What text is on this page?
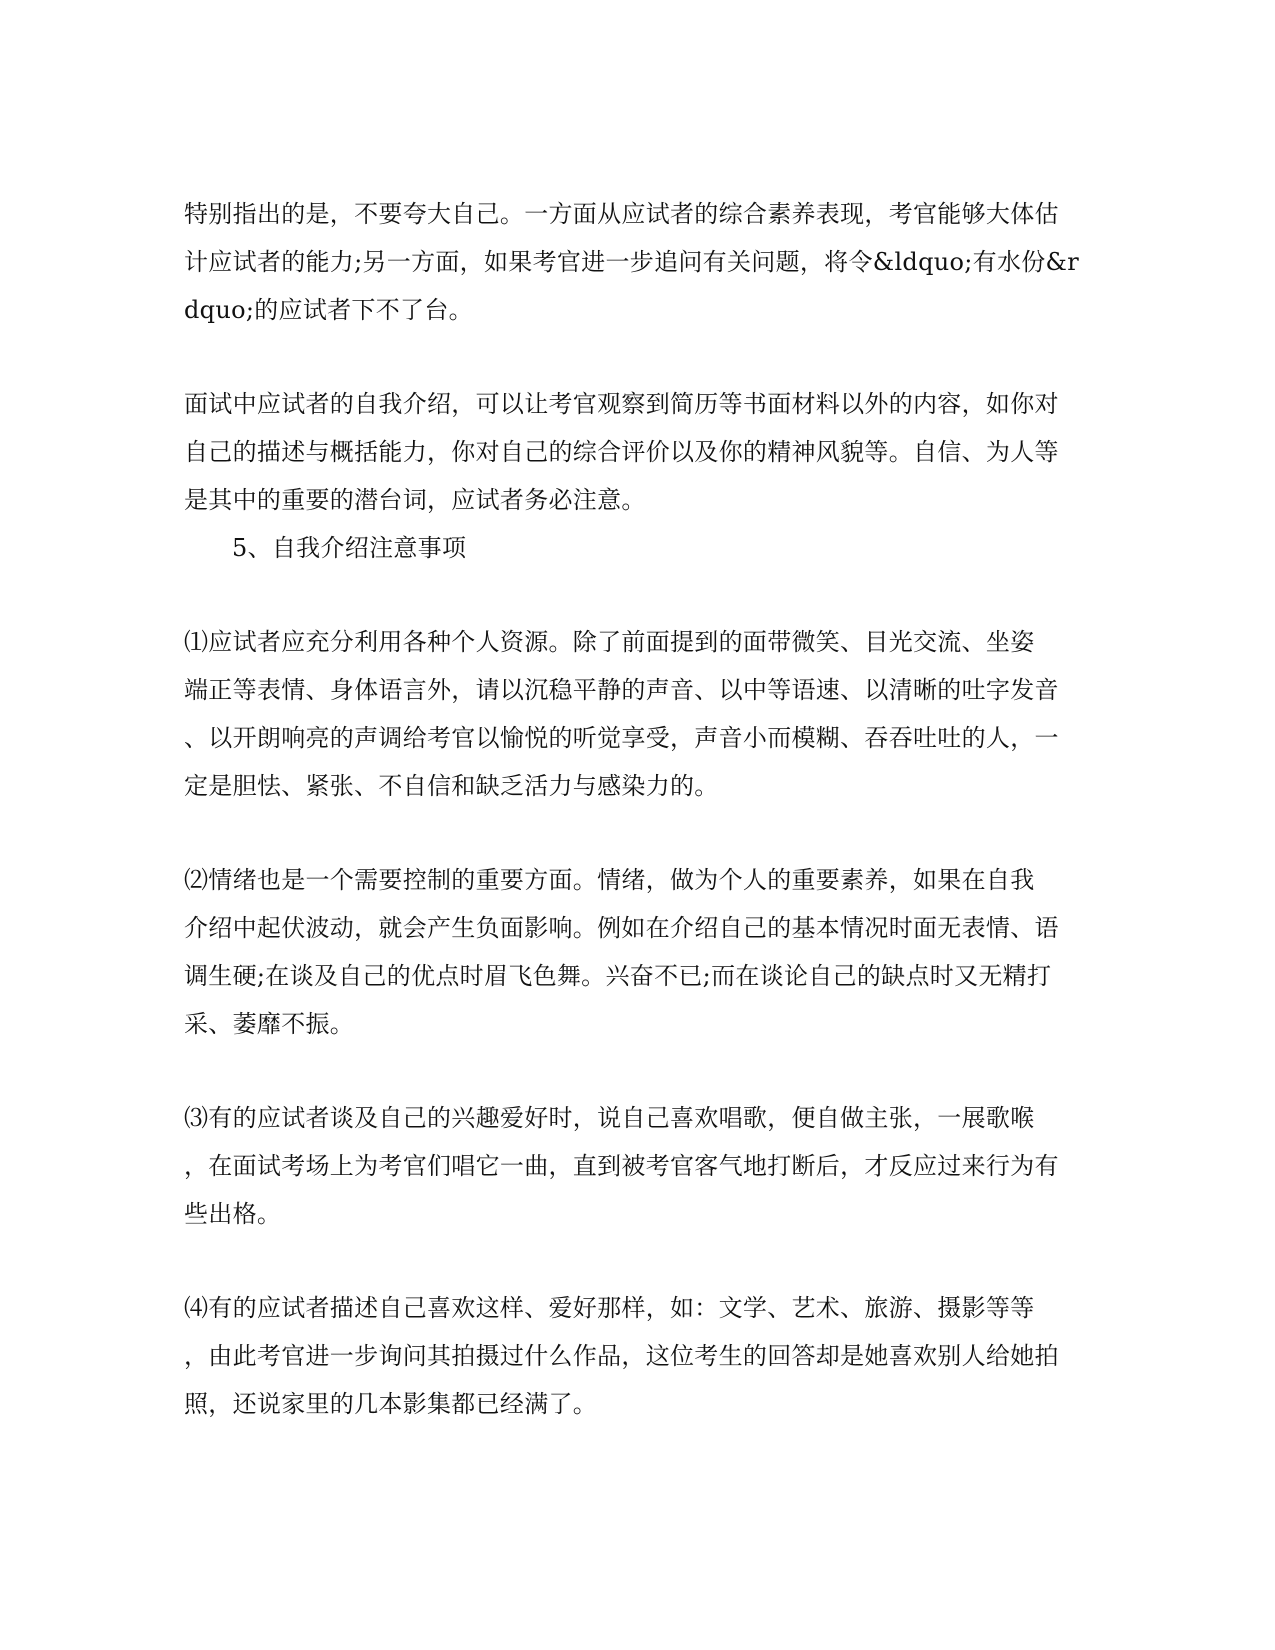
特别指出的是，不要夸大自己。一方面从应试者的综合素养表现，考官能够大体估

计应试者的能力;另一方面，如果考官进一步追问有关问题，将令&ldquo;有水份&r

dquo;的应试者下不了台。

面试中应试者的自我介绍，可以让考官观察到简历等书面材料以外的内容，如你对

自己的描述与概括能力，你对自己的综合评价以及你的精神风貌等。自信、为人等

是其中的重要的潜台词，应试者务必注意。

5、自我介绍注意事项

⑴应试者应充分利用各种个人资源。除了前面提到的面带微笑、目光交流、坐姿

端正等表情、身体语言外，请以沉稳平静的声音、以中等语速、以清晰的吐字发音

、以开朗响亮的声调给考官以愉悦的听觉享受，声音小而模糊、吞吞吐吐的人，一

定是胆怯、紧张、不自信和缺乏活力与感染力的。

⑵情绪也是一个需要控制的重要方面。情绪，做为个人的重要素养，如果在自我

介绍中起伏波动，就会产生负面影响。例如在介绍自己的基本情况时面无表情、语

调生硬;在谈及自己的优点时眉飞色舞。兴奋不已;而在谈论自己的缺点时又无精打

采、萎靡不振。

⑶有的应试者谈及自己的兴趣爱好时，说自己喜欢唱歌，便自做主张，一展歌喉

，在面试考场上为考官们唱它一曲，直到被考官客气地打断后，才反应过来行为有

些出格。

⑷有的应试者描述自己喜欢这样、爱好那样，如：文学、艺术、旅游、摄影等等

，由此考官进一步询问其拍摄过什么作品，这位考生的回答却是她喜欢别人给她拍

照，还说家里的几本影集都已经满了。
